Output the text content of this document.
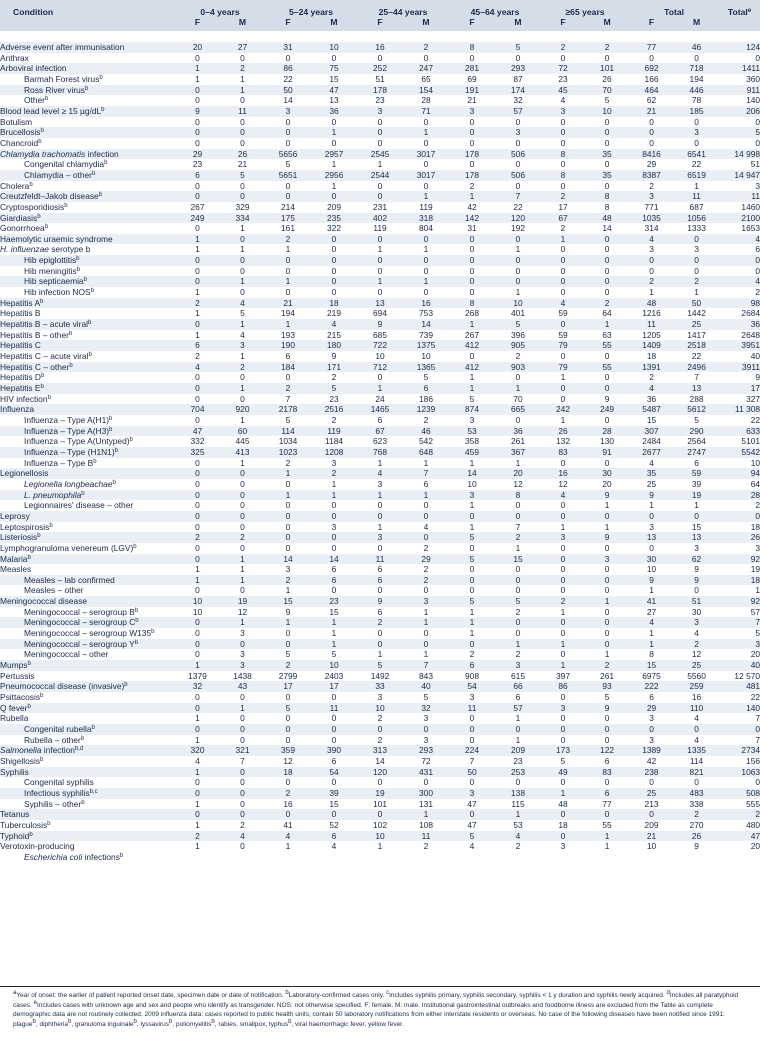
Condition	0–4 years		5–24 years		25–44 years		45–64 years		≥65 years		Total		Total$^e$
	F	M	F	M	F	M	F	M	F	M	F	M	

Adverse event after immunisation	20	27	31	10	16	2	8	5	2	2	77	46	124
Anthrax	0	0	0	0	0	0	0	0	0	0	0	0	0
Arboviral infection	1	2	86	75	252	247	281	293	72	101	692	718	1411
Barmah Forest virus$^b$	1	1	22	15	51	65	69	87	23	26	166	194	360
Ross River virus$^b$	0	1	50	47	178	154	191	174	45	70	464	446	911
Other$^b$	0	0	14	13	23	28	21	32	4	5	62	78	140
Blood lead level ≥ 15 $\mu g/dL^b$	9	11	3	36	3	71	3	57	3	10	21	185	206
Botulism	0	0	0	0	0	0	0	0	0	0	0	0	0
Brucellosis$^b$	0	0	0	1	0	1	0	3	0	0	0	3	5
Chancroid$^b$	0	0	0	0	0	0	0	0	0	0	0	0	0
Chlamydia trachomatis infection	29	26	5656	2957	2545	3017	178	506	8	35	8416	6541	14 998
Congenital chlamydia$^b$	23	21	5	1	1	0	0	0	0	0	29	22	51
Chlamydia – other$^b$	6	5	5651	2956	2544	3017	178	506	8	35	8387	6519	14 947
Cholera$^b$	0	0	0	1	0	0	2	0	0	0	2	1	3
Creutzfeldt–Jakob disease$^b$	0	0	0	0	0	1	1	7	2	8	3	11	11
Cryptosporidiosis$^b$	267	329	214	209	231	119	42	22	17	8	771	687	1460
Giardiasis$^b$	249	334	175	235	402	318	142	120	67	48	1035	1056	2100
Gonorrhoea$^b$	0	1	161	322	119	804	31	192	2	14	314	1333	1653
Haemolytic uraemic syndrome	1	0	2	0	0	0	0	0	1	0	4	0	4
H. influenzae serotype b	1	1	1	0	1	1	0	1	0	0	3	3	6
Hib epiglottitis$^b$	0	0	0	0	0	0	0	0	0	0	0	0	0
Hib meningitis$^b$	0	0	0	0	0	0	0	0	0	0	0	0	0
Hib septicaemia$^b$	0	1	1	0	1	1	0	0	0	0	2	2	4
Hib infection NOS$^b$	1	0	0	0	0	0	0	1	0	0	1	1	2
Hepatitis $A^b$	2	4	21	18	13	16	8	10	4	2	48	50	98
Hepatitis B	1	5	194	219	694	753	268	401	59	64	1216	1442	2684
Hepatitis B – acute viral$^b$	0	1	1	4	9	14	1	5	0	1	11	25	36
Hepatitis B – other$^b$	1	4	193	215	685	739	267	396	59	63	1205	1417	2648
Hepatitis C	6	3	190	180	722	1375	412	905	79	55	1409	2518	3951
Hepatitis C – acute viral$^b$	2	1	6	9	10	10	0	2	0	0	18	22	40
Hepatitis C – other$^b$	4	2	184	171	712	1365	412	903	79	55	1391	2496	3911
Hepatitis $D^b$	0	0	0	2	0	5	1	0	1	0	2	7	9
Hepatitis $E^b$	0	1	2	5	1	6	1	1	0	0	4	13	17
HIV infection$^b$	0	0	7	23	24	186	5	70	0	9	36	288	327
Influenza	704	920	2178	2516	1465	1239	874	665	242	249	5487	5612	11 308
Influenza – Type $A(H1)^b$	0	1	5	2	6	2	3	0	1	0	15	5	22
Influenza – Type $A(H3)^b$	47	60	114	119	67	46	53	36	26	28	307	290	633
Influenza – Type A(Untyped)$^b$	332	445	1034	1184	623	542	358	261	132	130	2484	2564	5101
Influenza – Type $(H1N1)^b$	325	413	1023	1208	768	648	459	367	83	91	2677	2747	5542
Influenza – Type $B^b$	0	1	2	3	1	1	1	1	0	0	4	6	10
Legionellosis	0	0	1	2	4	7	14	20	16	30	35	59	94
Legionella longbeachae$^b$	0	0	0	1	3	6	10	12	12	20	25	39	64
L. pneumophila$^b$	0	0	1	1	1	1	3	8	4	9	9	19	28
Legionnaires' disease – other	0	0	0	0	0	0	1	0	0	1	1	1	2
Leprosy	0	0	0	0	0	0	0	0	0	0	0	0	0
Leptospirosis$^b$	0	0	0	3	1	4	1	7	1	1	3	15	18
Listeriosis$^b$	2	2	0	0	3	0	5	2	3	9	13	13	26
Lymphogranuloma venereum (LGV)$^b$	0	0	0	0	0	2	0	1	0	0	0	3	3
Malaria$^b$	0	1	14	14	11	29	5	15	0	3	30	62	92
Measles	1	1	3	6	6	2	0	0	0	0	10	9	19
Measles – lab confirmed	1	1	2	6	6	2	0	0	0	0	9	9	18
Measles – other	0	0	1	0	0	0	0	0	0	0	1	0	1
Meningococcal disease	10	19	15	23	9	3	5	5	2	1	41	51	92
Meningococcal – serogroup $B^b$	10	12	9	15	6	1	1	2	1	0	27	30	57
Meningococcal – serogroup $C^b$	0	1	1	1	2	1	1	0	0	0	4	3	7
Meningococcal – serogroup W135$^b$	0	3	0	1	0	0	1	0	0	0	1	4	5
Meningococcal – serogroup $Y^b$	0	0	0	1	0	0	0	1	1	0	1	2	3
Meningococcal – other	0	3	5	5	1	1	2	2	0	1	8	12	20
Mumps$^b$	1	3	2	10	5	7	6	3	1	2	15	25	40
Pertussis	1379	1438	2799	2403	1492	843	908	615	397	261	6975	5560	12 570
Pneumococcal disease (invasive)$^b$	32	43	17	17	33	40	54	66	86	93	222	259	481
Psittacosis$^b$	0	0	0	0	3	5	3	6	0	5	6	16	22
Q fever$^b$	0	1	5	11	10	32	11	57	3	9	29	110	140
Rubella	1	0	0	0	2	3	0	1	0	0	3	4	7
Congenital rubella$^b$	0	0	0	0	0	0	0	0	0	0	0	0	0
Rubella – other$^b$	1	0	0	0	2	3	0	1	0	0	3	4	7
Salmonella infection$^{b,d}$	320	321	359	390	313	293	224	209	173	122	1389	1335	2734
Shigellosis$^b$	4	7	12	6	14	72	7	23	5	6	42	114	156
Syphilis	1	0	18	54	120	431	50	253	49	83	238	821	1063
Congenital syphilis	0	0	0	0	0	0	0	0	0	0	0	0	0
Infectious syphilis$^{b,c}$	0	0	2	39	19	300	3	138	1	6	25	483	508
Syphilis – other$^b$	1	0	16	15	101	131	47	115	48	77	213	338	555
Tetanus	0	0	0	0	0	1	0	1	0	0	0	2	2
Tuberculosis$^b$	1	2	41	52	102	108	47	53	18	55	209	270	480
Typhoid$^b$	2	4	4	6	10	11	5	4	0	1	21	26	47
Verotoxin-producing	1	0	1	4	1	2	4	2	3	1	10	9	20
Escherichia coli infections$^b$													
$^a$Year of onset: the earlier of patient reported onset date, specimen date or date of notification. $^b$Laboratory-confirmed cases only. $^c$Includes syphilis primary, syphilis secondary, syphilis < 1 y duration and syphilis newly acquired. $^d$Includes all paratyphoid cases. $^e$Includes cases with unknown age and sex and people who identify as transgender. NOS: not otherwise specified. F: female. M: male. Institutional gastrointestinal outbreaks and foodborne illness are excluded from the Table as complete demographic data are not routinely collected. 2009 influenza data: cases reported to public health units; contain 50 laboratory notifications from either interstate residents or overseas. No case of the following diseases have been notified since 1991: plague$^b$, diphtheria$^b$, granuloma inguinale$^b$, lyssavirus$^b$, poliomyelitis$^b$, rabies, smallpox, typhus$^b$, viral haemorrhagic fever, yellow fever.
